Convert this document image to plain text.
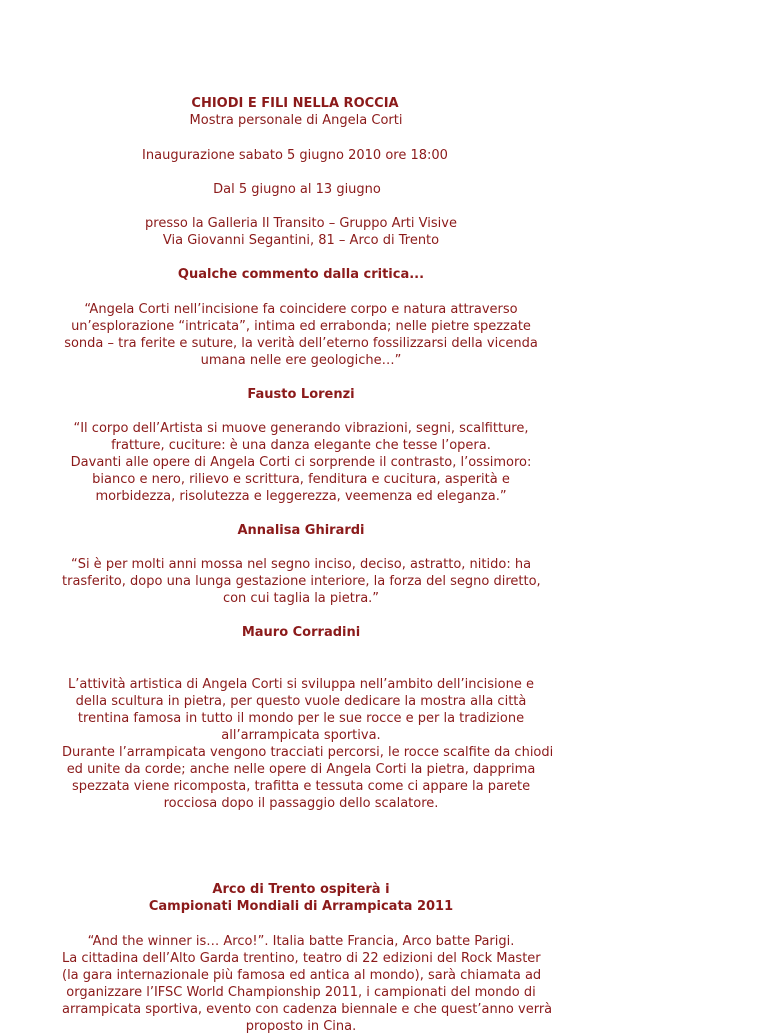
CHIODI E FILI NELLA ROCCIA
Mostra personale di Angela Corti
Inaugurazione sabato 5 giugno 2010 ore 18:00
Dal 5 giugno al 13 giugno
presso la Galleria Il Transito – Gruppo Arti Visive
Via Giovanni Segantini, 81 – Arco di Trento
Qualche commento dalla critica...
“Angela Corti nell’incisione fa coincidere corpo e natura attraverso
un’esplorazione “intricata”, intima ed errabonda; nelle pietre spezzate
sonda – tra ferite e suture, la verità dell’eterno fossilizzarsi della vicenda
umana nelle ere geologiche…”
Fausto Lorenzi
“Il corpo dell’Artista si muove generando vibrazioni, segni, scalfitture,
fratture, cuciture: è una danza elegante che tesse l’opera.
Davanti alle opere di Angela Corti ci sorprende il contrasto, l’ossimoro:
bianco e nero, rilievo e scrittura, fenditura e cucitura, asperità e
morbidezza, risolutezza e leggerezza, veemenza ed eleganza.”
Annalisa Ghirardi
“Si è per molti anni mossa nel segno inciso, deciso, astratto, nitido: ha
trasferito, dopo una lunga gestazione interiore, la forza del segno diretto,
con cui taglia la pietra.”
Mauro Corradini
L’attività artistica di Angela Corti si sviluppa nell’ambito dell’incisione e
della scultura in pietra, per questo vuole dedicare la mostra alla città
trentina famosa in tutto il mondo per le sue rocce e per la tradizione
all’arrampicata sportiva.
Durante l’arrampicata vengono tracciati percorsi, le rocce scalfite da chiodi
ed unite da corde; anche nelle opere di Angela Corti la pietra, dapprima
spezzata viene ricomposta, trafitta e tessuta come ci appare la parete
rocciosa dopo il passaggio dello scalatore.
Arco di Trento ospiterà i
Campionati Mondiali di Arrampicata 2011
“And the winner is… Arco!”. Italia batte Francia, Arco batte Parigi.
La cittadina dell’Alto Garda trentino, teatro di 22 edizioni del Rock Master
(la gara internazionale più famosa ed antica al mondo), sarà chiamata ad
organizzare l’IFSC World Championship 2011, i campionati del mondo di
arrampicata sportiva, evento con cadenza biennale e che quest’anno verrà
proposto in Cina.
